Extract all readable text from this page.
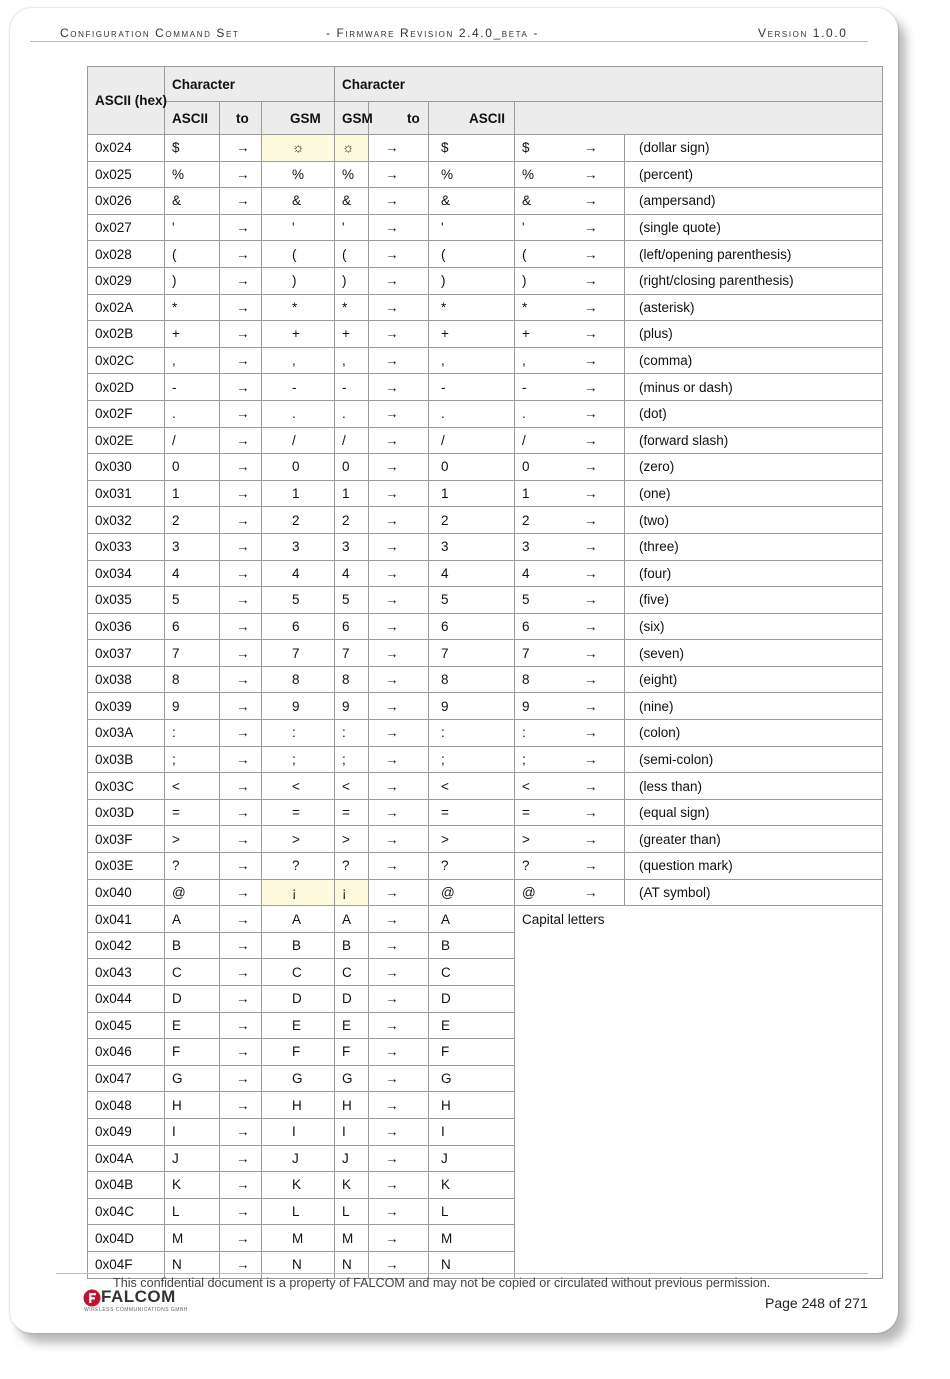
Configuration Command Set	- Firmware Revision 2.4.0_beta -	Version 1.0.0
ASCII (hex)	Character			Character				
	ASCII	to	GSM	GSM	to	ASCII		
0x024	$	→	☼	☼	→	$	$ →	(dollar sign)
0x025	%	→	%	%	→	%	% →	(percent)
0x026	&	→	&	&	→	&	& →	(ampersand)
0x027	'	→	'	'	→	'	' →	(single quote)
0x028	(	→	(	(	→	(	( →	(left/opening parenthesis)
0x029	)	→	)	)	→	)	) →	(right/closing parenthesis)
0x02A	*	→	*	*	→	*	* →	(asterisk)
0x02B	+	→	+	+	→	+	+ →	(plus)
0x02C	,	→	,	,	→	,	, →	(comma)
0x02D	-	→	-	-	→	-	- →	(minus or dash)
0x02F	.	→	.	.	→	.	. →	(dot)
0x02E	/	→	/	/	→	/	/ →	(forward slash)
0x030	0	→	0	0	→	0	0 →	(zero)
0x031	1	→	1	1	→	1	1 →	(one)
0x032	2	→	2	2	→	2	2 →	(two)
0x033	3	→	3	3	→	3	3 →	(three)
0x034	4	→	4	4	→	4	4 →	(four)
0x035	5	→	5	5	→	5	5 →	(five)
0x036	6	→	6	6	→	6	6 →	(six)
0x037	7	→	7	7	→	7	7 →	(seven)
0x038	8	→	8	8	→	8	8 →	(eight)
0x039	9	→	9	9	→	9	9 →	(nine)
0x03A	:	→	:	:	→	:	: →	(colon)
0x03B	;	→	;	;	→	;	; →	(semi-colon)
0x03C	<	→	<	<	→	<	< →	(less than)
0x03D	=	→	=	=	→	=	= →	(equal sign)
0x03F	>	→	>	>	→	>	> →	(greater than)
0x03E	?	→	?	?	→	?	? →	(question mark)
0x040	@	→	¡	¡	→	@	@ →	(AT symbol)
0x041	A	→	A	A	→	A	Capital letters	
0x042	B	→	B	B	→	B		
0x043	C	→	C	C	→	C		
0x044	D	→	D	D	→	D		
0x045	E	→	E	E	→	E		
0x046	F	→	F	F	→	F		
0x047	G	→	G	G	→	G		
0x048	H	→	H	H	→	H		
0x049	I	→	I	I	→	I		
0x04A	J	→	J	J	→	J		
0x04B	K	→	K	K	→	K		
0x04C	L	→	L	L	→	L		
0x04D	M	→	M	M	→	M		
0x04F	N	→	N	N	→	N		
This confidential document is a property of FALCOM and may not be copied or circulated without previous permission.
FALCOM
WIRELESS COMMUNICATIONS GMBH	Page 248 of 271
